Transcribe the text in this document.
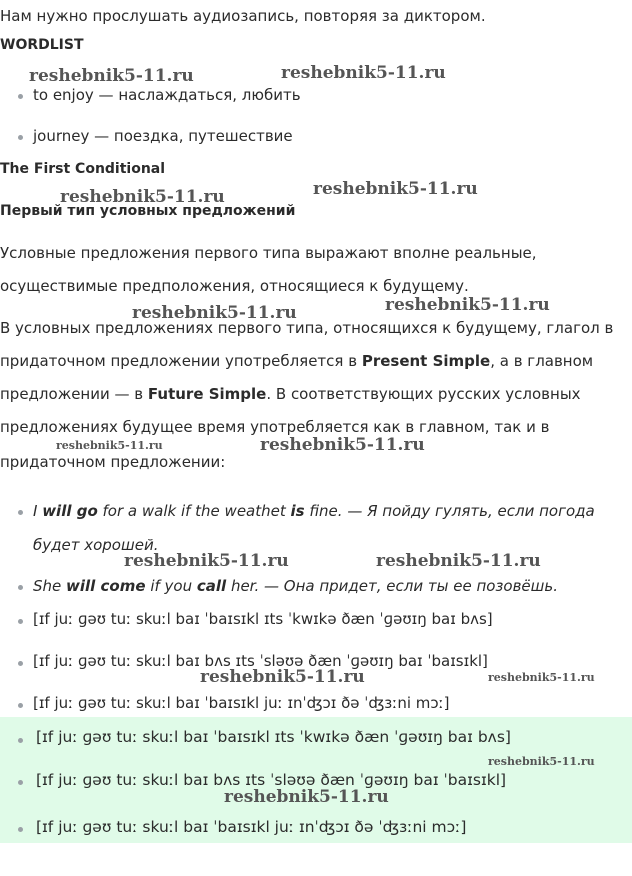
Нам нужно прослушать аудиозапись, повторяя за диктором.
WORDLIST
to enjoy — наслаждаться, любить
journey — поездка, путешествие
The First Conditional
Первый тип условных предложений
Условные предложения первого типа выражают вполне реальные,
осуществимые предположения, относящиеся к будущему.
В условных предложениях первого типа, относящихся к будущему, глагол в
придаточном предложении употребляется в Present Simple, а в главном
предложении — в Future Simple. В соответствующих русских условных
предложениях будущее время употребляется как в главном, так и в
придаточном предложении:
I will go for a walk if the weathet is fine. — Я пойду гулять, если погода
будет хорошей.
She will come if you call her. — Она придет, если ты ее позовёшь.
[ɪf juː ɡəʊ tuː skuːl baɪ ˈbaɪsɪkl ɪts ˈkwɪkə ðæn ˈɡəʊɪŋ baɪ bʌs]
[ɪf juː ɡəʊ tuː skuːl baɪ bʌs ɪts ˈsləʊə ðæn ˈɡəʊɪŋ baɪ ˈbaɪsɪkl]
[ɪf juː ɡəʊ tuː skuːl baɪ ˈbaɪsɪkl juː ɪnˈʤɔɪ ðə ˈʤɜːni mɔː]
[ɪf juː ɡəʊ tuː skuːl baɪ ˈbaɪsɪkl ɪts ˈkwɪkə ðæn ˈɡəʊɪŋ baɪ bʌs]
[ɪf juː ɡəʊ tuː skuːl baɪ bʌs ɪts ˈsləʊə ðæn ˈɡəʊɪŋ baɪ ˈbaɪsɪkl]
[ɪf juː ɡəʊ tuː skuːl baɪ ˈbaɪsɪkl juː ɪnˈʤɔɪ ðə ˈʤɜːni mɔː]
reshebnik5-11.ru	reshebnik5-11.ru
reshebnik5-11.ru	reshebnik5-11.ru
reshebnik5-11.ru	reshebnik5-11.ru
reshebnik5-11.ru	reshebnik5-11.ru
reshebnik5-11.ru	reshebnik5-11.ru
reshebnik5-11.ru	reshebnik5-11.ru
reshebnik5-11.ru
reshebnik5-11.ru
